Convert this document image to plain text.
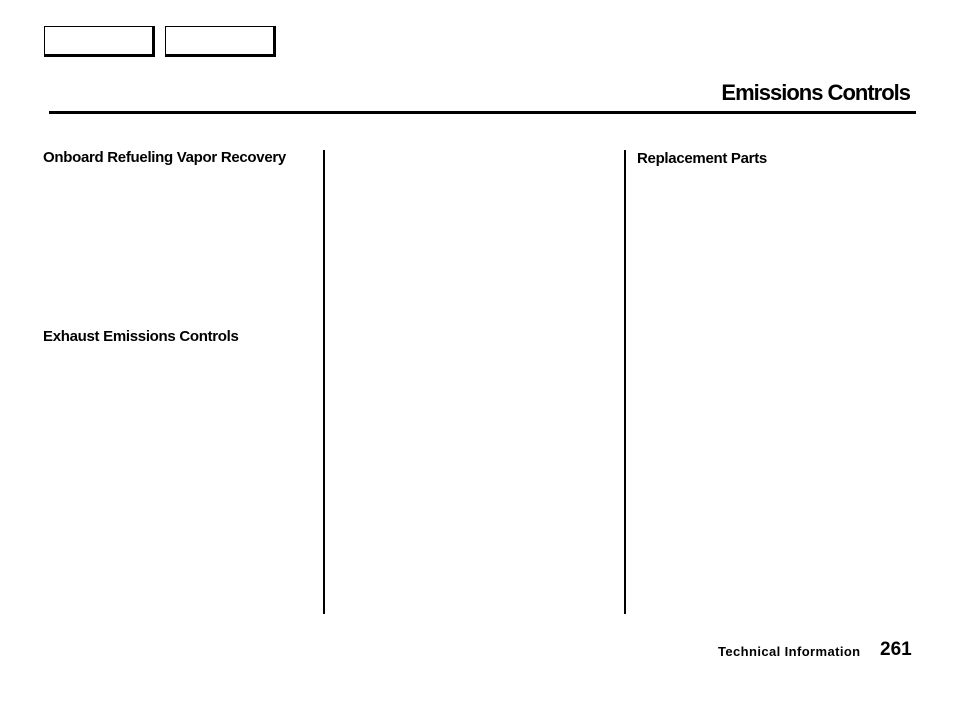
Emissions Controls
Onboard Refueling Vapor Recovery
Exhaust Emissions Controls
Replacement Parts
Technical Information 261
